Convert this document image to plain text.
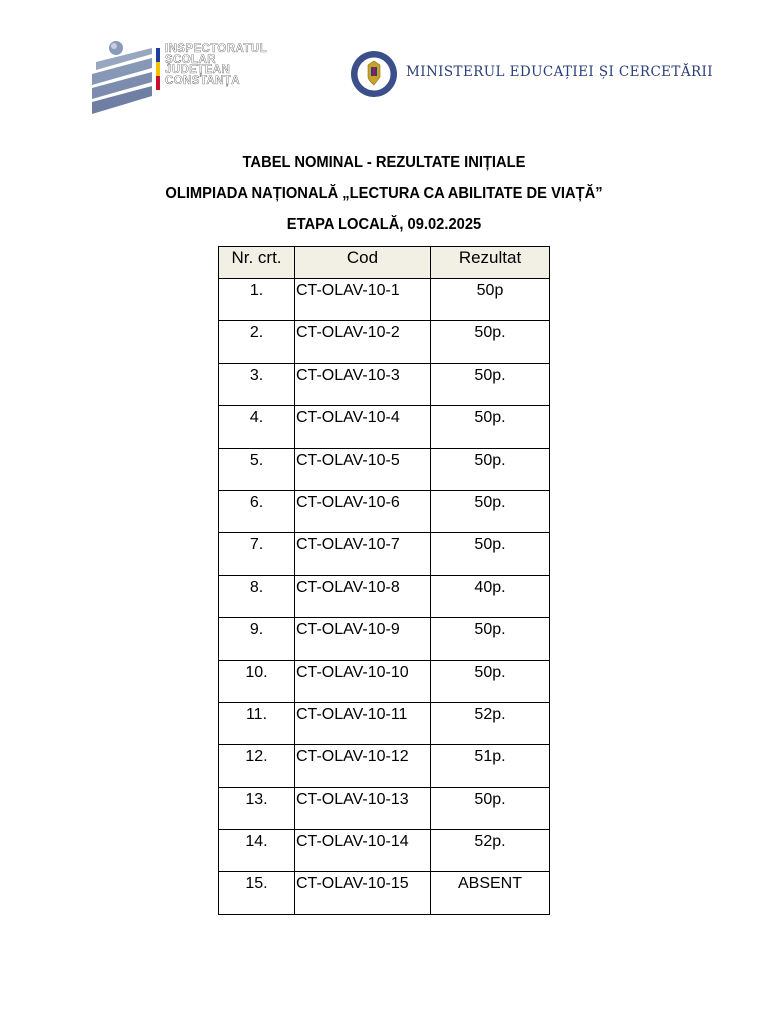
INSPECTORATUL
ȘCOLAR
JUDEȚEAN
CONSTANȚA
MINISTERUL EDUCAȚIEI ȘI CERCETĂRII
TABEL NOMINAL - REZULTATE INIȚIALE
OLIMPIADA NAȚIONALĂ „LECTURA CA ABILITATE DE VIAȚĂ”
ETAPA LOCALĂ, 09.02.2025
Nr. crt.	Cod	Rezultat
1.	CT-OLAV-10-1	50p
2.	CT-OLAV-10-2	50p.
3.	CT-OLAV-10-3	50p.
4.	CT-OLAV-10-4	50p.
5.	CT-OLAV-10-5	50p.
6.	CT-OLAV-10-6	50p.
7.	CT-OLAV-10-7	50p.
8.	CT-OLAV-10-8	40p.
9.	CT-OLAV-10-9	50p.
10.	CT-OLAV-10-10	50p.
11.	CT-OLAV-10-11	52p.
12.	CT-OLAV-10-12	51p.
13.	CT-OLAV-10-13	50p.
14.	CT-OLAV-10-14	52p.
15.	CT-OLAV-10-15	ABSENT
